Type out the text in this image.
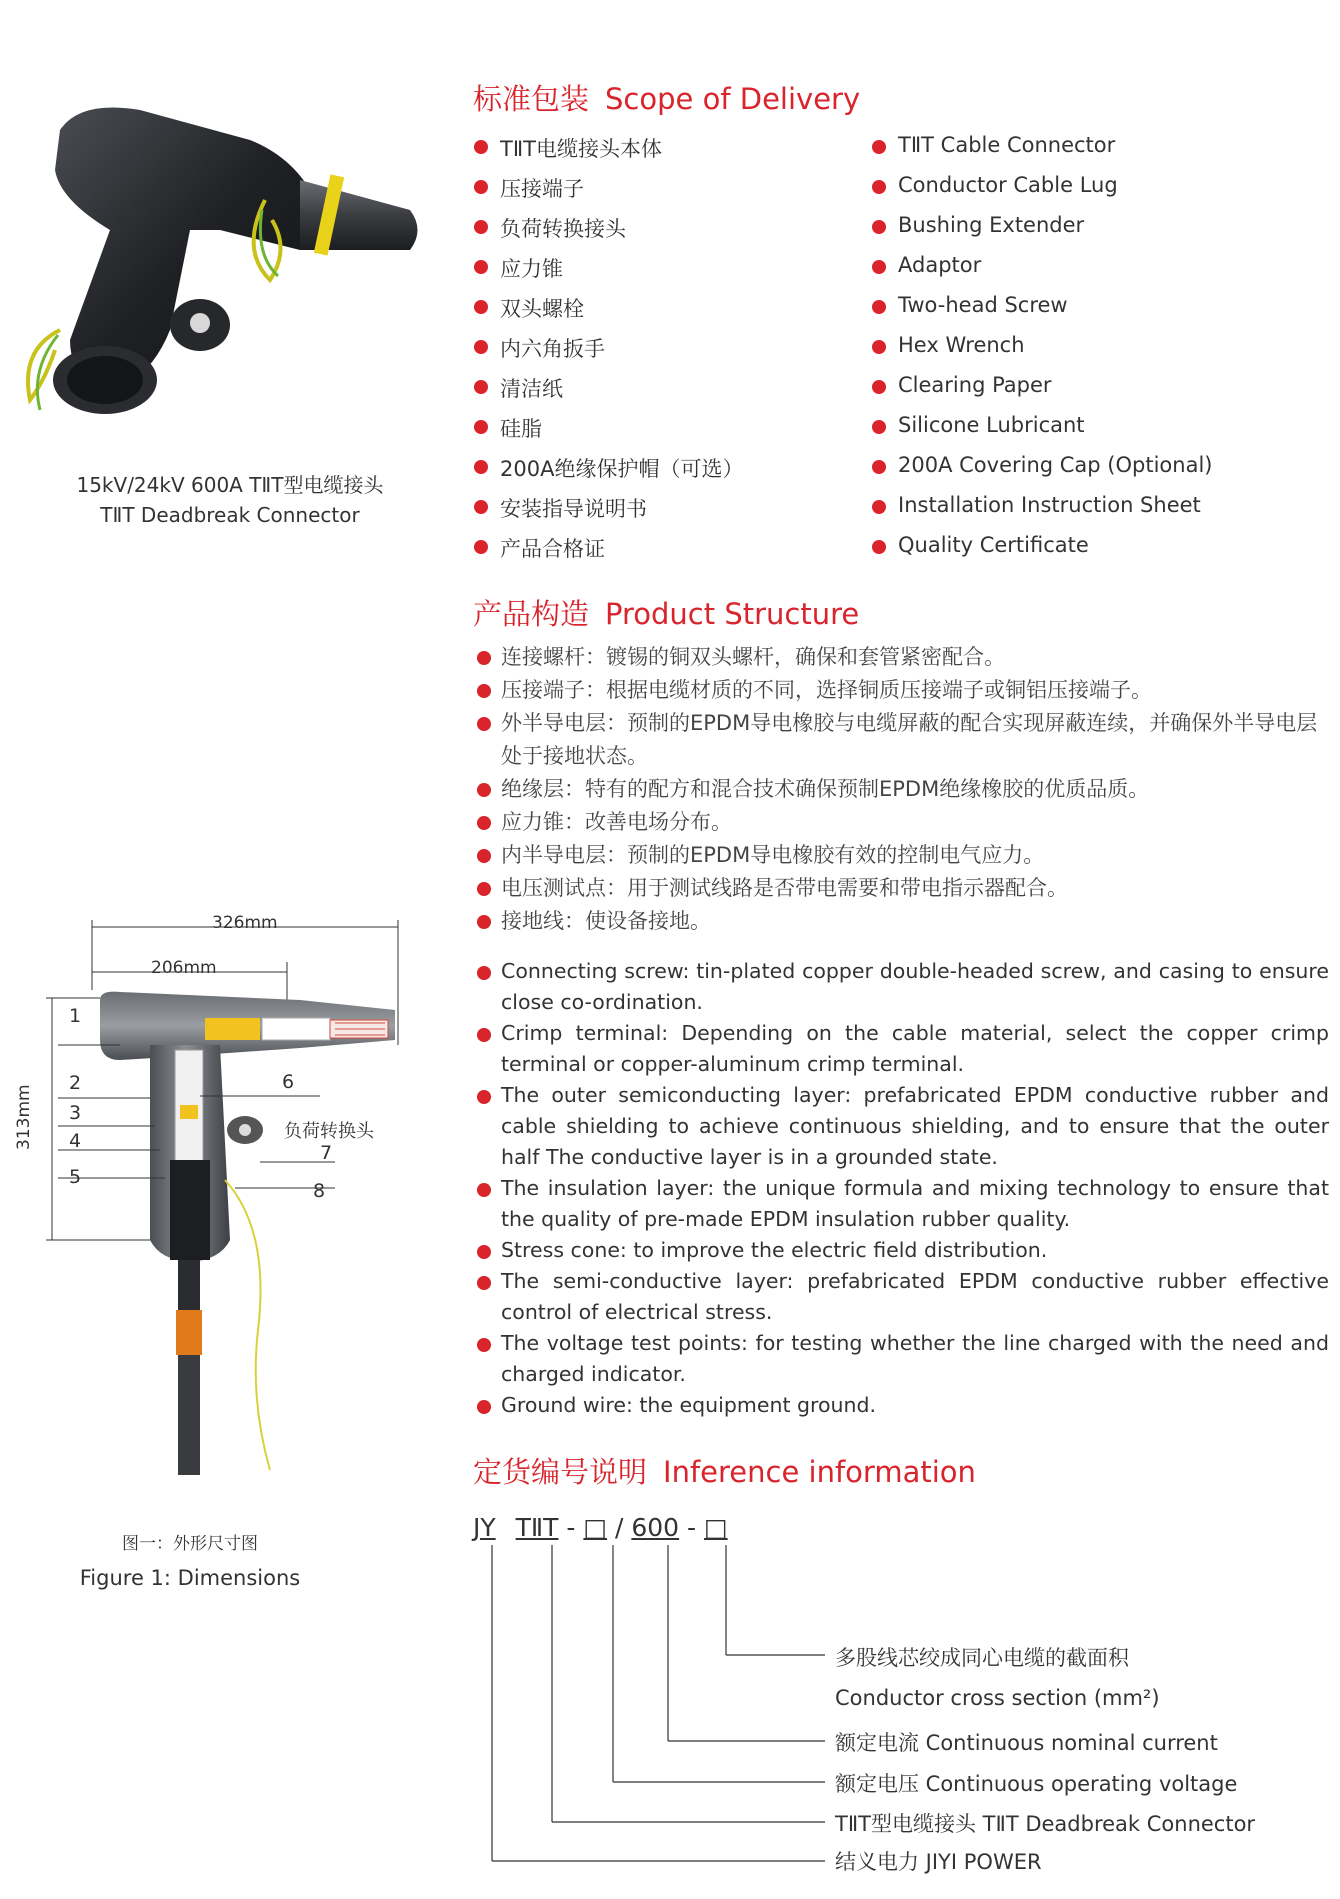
15kV/24kV 600A TⅡT型电缆接头
TⅡT Deadbreak Connector
标准包装 Scope of Delivery
TⅡT电缆接头本体
压接端子
负荷转换接头
应力锥
双头螺栓
内六角扳手
清洁纸
硅脂
200A绝缘保护帽（可选）
安装指导说明书
产品合格证
TⅡT Cable Connector
Conductor Cable Lug
Bushing Extender
Adaptor
Two-head Screw
Hex Wrench
Clearing Paper
Silicone Lubricant
200A Covering Cap (Optional)
Installation Instruction Sheet
Quality Certificate
产品构造 Product Structure
连接螺杆：镀锡的铜双头螺杆，确保和套管紧密配合。
压接端子：根据电缆材质的不同，选择铜质压接端子或铜铝压接端子。
外半导电层：预制的EPDM导电橡胶与电缆屏蔽的配合实现屏蔽连续，并确保外半导电层处于接地状态。
绝缘层：特有的配方和混合技术确保预制EPDM绝缘橡胶的优质品质。
应力锥：改善电场分布。
内半导电层：预制的EPDM导电橡胶有效的控制电气应力。
电压测试点：用于测试线路是否带电需要和带电指示器配合。
接地线：使设备接地。
Connecting screw: tin-plated copper double-headed screw, and casing to ensure close co-ordination.
Crimp terminal: Depending on the cable material, select the copper crimp terminal or copper-aluminum crimp terminal.
The outer semiconducting layer: prefabricated EPDM conductive rubber and cable shielding to achieve continuous shielding, and to ensure that the outer half The conductive layer is in a grounded state.
The insulation layer: the unique formula and mixing technology to ensure that the quality of pre-made EPDM insulation rubber quality.
Stress cone: to improve the electric field distribution.
The semi-conductive layer: prefabricated EPDM conductive rubber effective control of electrical stress.
The voltage test points: for testing whether the line charged with the need and charged indicator.
Ground wire: the equipment ground.
326mm
206mm
313mm
1
2
3
4
5
6
7
8
负荷转换头
图一：外形尺寸图
Figure 1: Dimensions
定货编号说明 Inference information
JY TⅡT - □ / 600 - □
多股线芯绞成同心电缆的截面积
Conductor cross section (mm²)
额定电流 Continuous nominal current
额定电压 Continuous operating voltage
TⅡT型电缆接头 TⅡT Deadbreak Connector
结义电力 JIYI POWER
